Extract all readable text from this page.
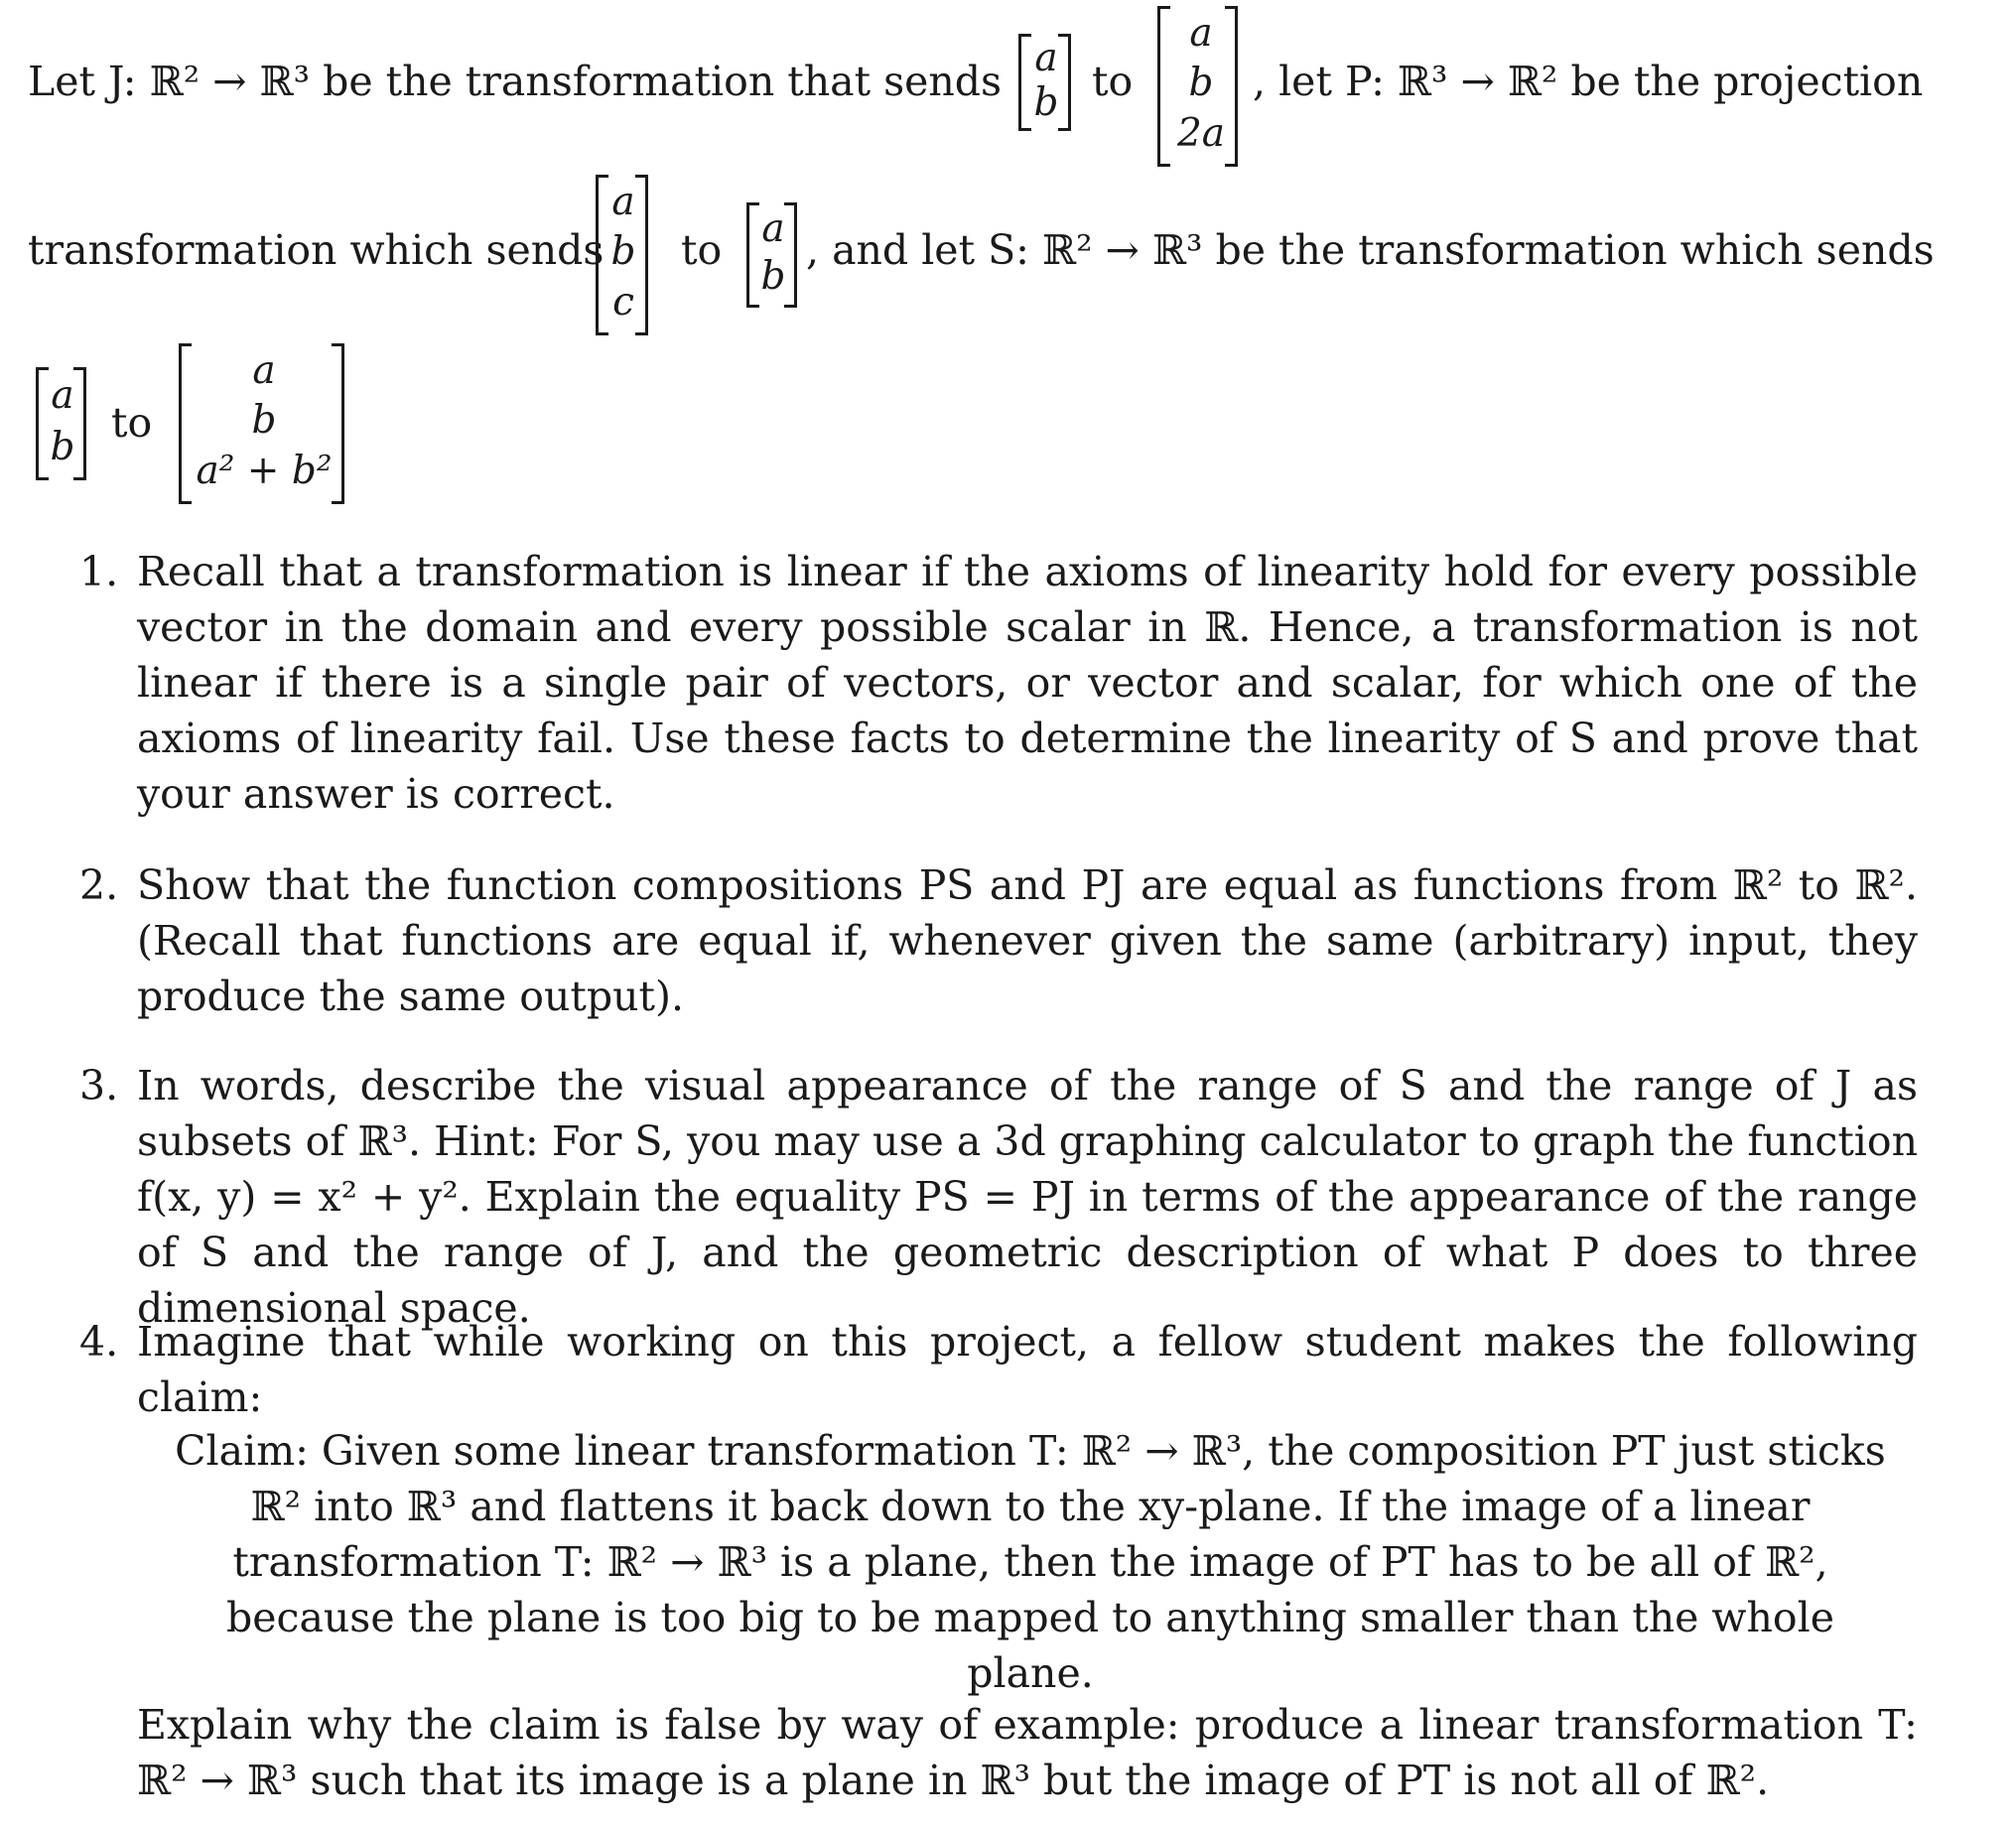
Let J: ℝ² → ℝ³ be the transformation that sends a
b to
a
b
2a
, let P: ℝ³ → ℝ² be the projection
transformation which sends
a
b
c
to a
b
, and let S: ℝ² → ℝ³ be the transformation which sends
a
b to
a
b
a² + b²
1. Recall that a transformation is linear if the axioms of linearity hold for every possible vector in the domain and every possible scalar in ℝ. Hence, a transformation is not linear if there is a single pair of vectors, or vector and scalar, for which one of the axioms of linearity fail. Use these facts to determine the linearity of S and prove that your answer is correct.
2. Show that the function compositions PS and PJ are equal as functions from ℝ² to ℝ². (Recall that functions are equal if, whenever given the same (arbitrary) input, they produce the same output).
3. In words, describe the visual appearance of the range of S and the range of J as subsets of ℝ³. Hint: For S, you may use a 3d graphing calculator to graph the function f(x, y) = x² + y². Explain the equality PS = PJ in terms of the appearance of the range of S and the range of J, and the geometric description of what P does to three dimensional space.
4. Imagine that while working on this project, a fellow student makes the following claim:
Claim: Given some linear transformation T: ℝ² → ℝ³, the composition PT just sticks ℝ² into ℝ³ and flattens it back down to the xy-plane. If the image of a linear transformation T: ℝ² → ℝ³ is a plane, then the image of PT has to be all of ℝ², because the plane is too big to be mapped to anything smaller than the whole plane.
Explain why the claim is false by way of example: produce a linear transformation T: ℝ² → ℝ³ such that its image is a plane in ℝ³ but the image of PT is not all of ℝ².
